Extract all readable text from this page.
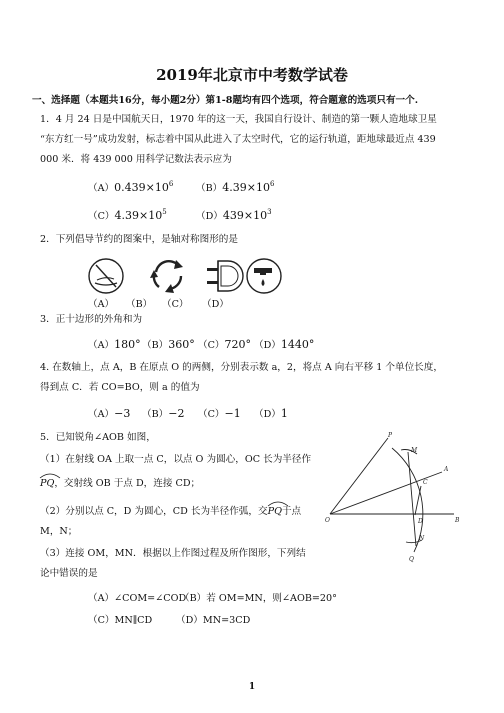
2019年北京市中考数学试卷
一、选择题（本题共16分，每小题2分）第1-8题均有四个选项，符合题意的选项只有一个.
1．4 月 24 日是中国航天日，1970 年的这一天，我国自行设计、制造的第一颗人造地球卫星
“东方红一号”成功发射，标志着中国从此进入了太空时代，它的运行轨道，距地球最近点 439
000 米．将 439 000 用科学记数法表示应为
$(A)0.439\times 10^6$ $(B)4.39\times 10^6$
$(C)4.39\times 10^5$	$(D)439\times 10^3$
2．下列倡导节约的图案中，是轴对称图形的是
（A） （B） （C） （D）
3．正十边形的外角和为
（A）180° （B）360° （C）720° （D）1440°
4. 在数轴上，点 A，B 在原点 O 的两侧，分别表示数 a，2，将点 A 向右平移 1 个单位长度，
得到点 C．若 CO=BO，则 a 的值为
（A）−3 （B）−2 （C）−1 （D）1
5．已知锐角∠AOB 如图，
（1）在射线 OA 上取一点 C，以点 O 为圆心，OC 长为半径作
PQ，交射线 OB 于点 D，连接 CD；
（2）分别以点 C，D 为圆心，CD 长为半径作弧，交
PQ于点
M，N；
（3）连接 OM，MN．根据以上作图过程及所作图形，下列结
论中错误的是
（A）∠COM=∠COD
（B）若 OM=MN，则∠AOB=20°
（C）MN∥CD （D）MN=3CD
P
M
A
C
O	D	B
N
Q
1
